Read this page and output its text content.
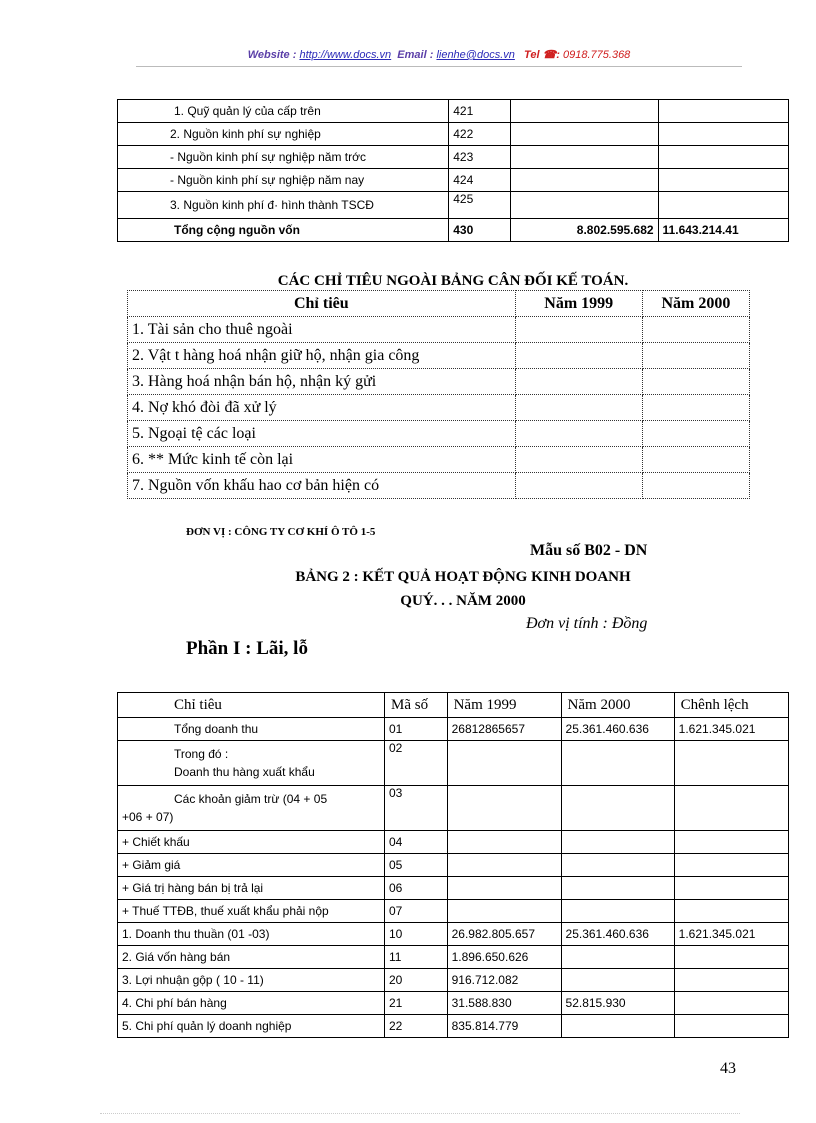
Website : http://www.docs.vn Email : lienhe@docs.vn Tel ☎: 0918.775.368
1. Quỹ quản lý của cấp trên	421		
2. Nguồn kinh phí sự nghiệp	422		
- Nguồn kinh phí sự nghiệp năm trớc	423		
- Nguồn kinh phí sự nghiệp năm nay	424		
3. Nguồn kinh phí đ· hình thành TSCĐ	425		
Tổng cộng nguồn vốn	430	8.802.595.682	11.643.214.41
CÁC CHỈ TIÊU NGOÀI BẢNG CÂN ĐỐI KẾ TOÁN.
Chỉ tiêu	Năm 1999	Năm 2000
1. Tài sản cho thuê ngoài		
2. Vật t hàng hoá nhận giữ hộ, nhận gia công		
3. Hàng hoá nhận bán hộ, nhận ký gửi		
4. Nợ khó đòi đã xử lý		
5. Ngoại tệ các loại		
6. ** Mức kinh tế còn lại		
7. Nguồn vốn khấu hao cơ bản hiện có		
ĐƠN VỊ : CÔNG TY CƠ KHÍ Ô TÔ 1-5
Mẫu số B02 - DN
BẢNG 2 : KẾT QUẢ HOẠT ĐỘNG KINH DOANH
QUÝ. . . NĂM 2000
Đơn vị tính : Đồng
Phần I : Lãi, lỗ
Chỉ tiêu	Mã số	Năm 1999	Năm 2000	Chênh lệch
Tổng doanh thu	01	26812865657	25.361.460.636	1.621.345.021

Trong đó :
Doanh thu hàng xuất khẩu	02			

Các khoản giảm trừ (04 + 05
+06 + 07)	03			
+ Chiết khấu	04			
+ Giảm giá	05			
+ Giá trị hàng bán bị trả lại	06			
+ Thuế TTĐB, thuế xuất khẩu phải nộp	07			
1. Doanh thu thuần (01 -03)	10	26.982.805.657	25.361.460.636	1.621.345.021
2. Giá vốn hàng bán	11	1.896.650.626		
3. Lợi nhuận gộp ( 10 - 11)	20	916.712.082		
4. Chi phí bán hàng	21	31.588.830	52.815.930	
5. Chi phí quản lý doanh nghiệp	22	835.814.779		
43
